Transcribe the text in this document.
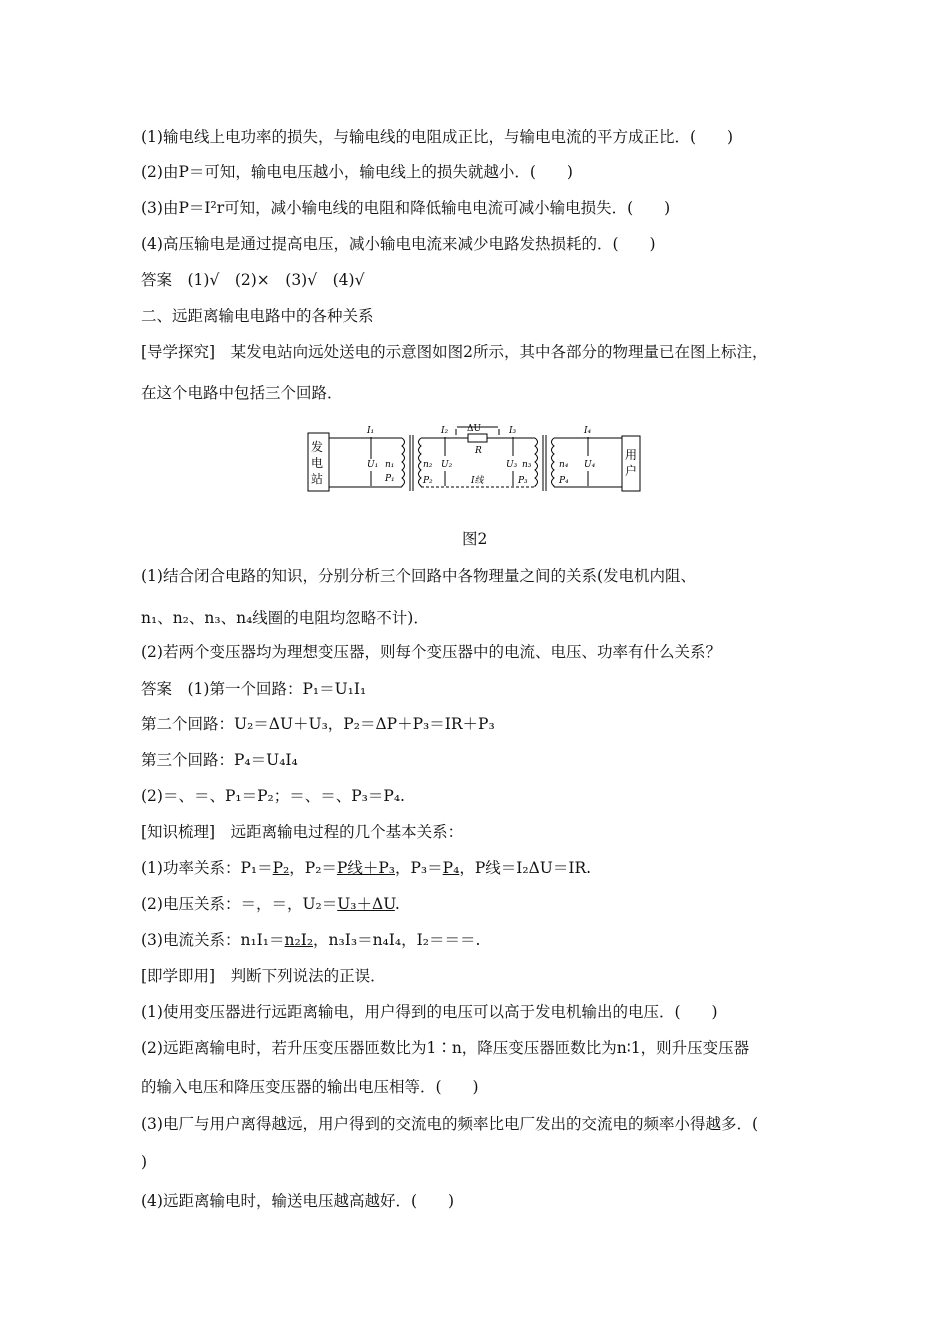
(1)输电线上电功率的损失，与输电线的电阻成正比，与输电电流的平方成正比．(　　)
(2)由P＝可知，输电电压越小，输电线上的损失就越小．(　　)
(3)由P＝I²r可知，减小输电线的电阻和降低输电电流可减小输电损失．(　　)
(4)高压输电是通过提高电压，减小输电电流来减少电路发热损耗的．(　　)
答案　(1)√　(2)×　(3)√　(4)√
二、远距离输电电路中的各种关系
[导学探究]　某发电站向远处送电的示意图如图2所示，其中各部分的物理量已在图上标注，
在这个电路中包括三个回路．
发
电
站
ΔU
R	用
户
I₁
U₁ n₁
P₁
I₂
n₂ U₂
P₂	I线
I₃
U₃ n₃
P₃
I₄
n₄ U₄
P₄
图2
(1)结合闭合电路的知识，分别分析三个回路中各物理量之间的关系(发电机内阻、
n₁、n₂、n₃、n₄线圈的电阻均忽略不计)．
(2)若两个变压器均为理想变压器，则每个变压器中的电流、电压、功率有什么关系？
答案　(1)第一个回路：P₁＝U₁I₁
第二个回路：U₂＝ΔU＋U₃，P₂＝ΔP＋P₃＝IR＋P₃
第三个回路：P₄＝U₄I₄
(2)＝、＝、P₁＝P₂；＝、＝、P₃＝P₄.
[知识梳理]　远距离输电过程的几个基本关系：
(1)功率关系：P₁＝P₂，P₂＝P线＋P₃，P₃＝P₄，P线＝I₂ΔU＝IR.
(2)电压关系：＝，＝，U₂＝U₃＋ΔU.
(3)电流关系：n₁I₁＝n₂I₂，n₃I₃＝n₄I₄，I₂＝＝＝.
[即学即用]　判断下列说法的正误．
(1)使用变压器进行远距离输电，用户得到的电压可以高于发电机输出的电压．(　　)
(2)远距离输电时，若升压变压器匝数比为1∶n，降压变压器匝数比为n∶1，则升压变压器
的输入电压和降压变压器的输出电压相等．(　　)
(3)电厂与用户离得越远，用户得到的交流电的频率比电厂发出的交流电的频率小得越多．(
)
(4)远距离输电时，输送电压越高越好．(　　)
